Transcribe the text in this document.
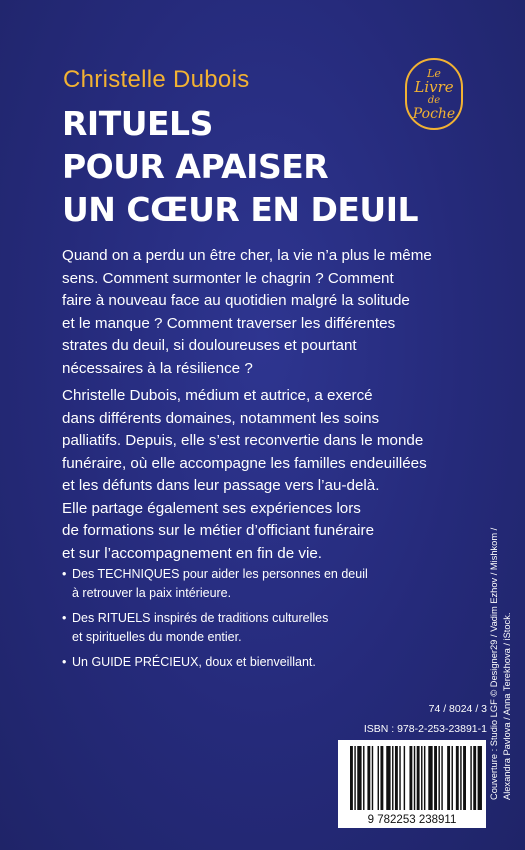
Christelle Dubois
RITUELS
POUR APAISER
UN CŒUR EN DEUIL
Le
Livre
de
Poche
Quand on a perdu un être cher, la vie n’a plus le même
sens. Comment surmonter le chagrin ? Comment
faire à nouveau face au quotidien malgré la solitude
et le manque ? Comment traverser les différentes
strates du deuil, si douloureuses et pourtant
nécessaires à la résilience ?
Christelle Dubois, médium et autrice, a exercé
dans différents domaines, notamment les soins
palliatifs. Depuis, elle s’est reconvertie dans le monde
funéraire, où elle accompagne les familles endeuillées
et les défunts dans leur passage vers l’au-delà.
Elle partage également ses expériences lors
de formations sur le métier d’officiant funéraire
et sur l’accompagnement en fin de vie.
• Des TECHNIQUES pour aider les personnes en deuil
à retrouver la paix intérieure.
• Des RITUELS inspirés de traditions culturelles
et spirituelles du monde entier.
• Un GUIDE PRÉCIEUX, doux et bienveillant.
74 / 8024 / 3
ISBN : 978-2-253-23891-1
9 782253 238911
Couverture : Studio LGF © Designer29 / Vadim Ezhov / Mishkom / Alexandra Pavlova / Anna Terekhova / iStock.
